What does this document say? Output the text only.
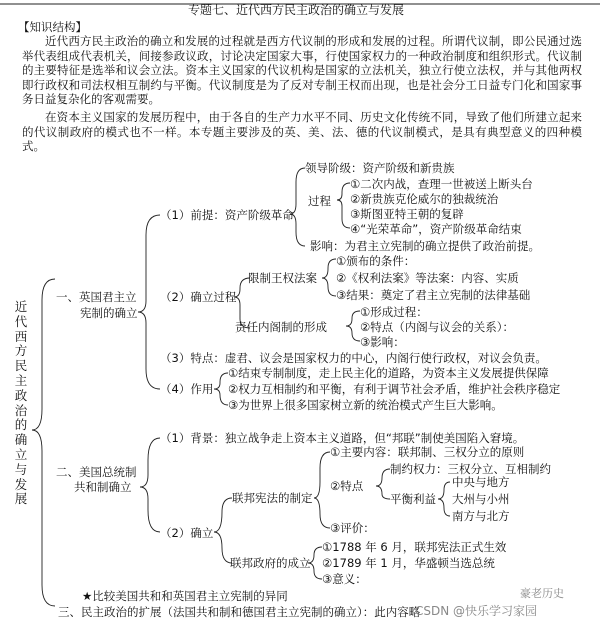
专题七、近代西方民主政治的确立与发展
【知识结构】
近代西方民主政治的确立和发展的过程就是西方代议制的形成和发展的过程。所谓代议制，即公民通过选举代表组成代表机关，间接参政议政，讨论决定国家大事，行使国家权力的一种政治制度和组织形式。代议制的主要特征是选举和议会立法。资本主义国家的代议机构是国家的立法机关，独立行使立法权，并与其他两权即行政权和司法权相互制约与平衡。代议制度是为了反对专制王权而出现，也是社会分工日益专门化和国家事务日益复杂化的客观需要。
在资本主义国家的发展历程中，由于各自的生产力水平不同、历史文化传统不同，导致了他们所建立起来的代议制政府的模式也不一样。本专题主要涉及的英、美、法、德的代议制模式，是具有典型意义的四种模式。
近代西方民主政治的确立与发展
一、英国君主立
宪制的确立
（1）前提：资产阶级革命
领导阶级：资产阶级和新贵族
过程
①二次内战，查理一世被送上断头台
②新贵族克伦威尔的独裁统治
③斯图亚特王朝的复辟
④“光荣革命”，资产阶级革命结束
影响：为君主立宪制的确立提供了政治前提。
（2）确立过程
限制王权法案
①颁布的条件：
②《权利法案》等法案：内容、实质
③结果：奠定了君主立宪制的法律基础
责任内阁制的形成
①形成过程：
②特点（内阁与议会的关系）：
③影响：
（3）特点：虚君、议会是国家权力的中心，内阁行使行政权，对议会负责。
（4）作用
①结束专制制度，走上民主化的道路，为资本主义发展提供保障
②权力互相制约和平衡，有利于调节社会矛盾，维护社会秩序稳定
③为世界上很多国家树立新的统治模式产生巨大影响。
二、美国总统制
共和制确立
（1）背景：独立战争走上资本主义道路，但“邦联”制使美国陷入窘境。
（2）确立
联邦宪法的制定
①主要内容：联邦制、三权分立的原则
②特点
制约权力：三权分立、互相制约
平衡利益
中央与地方
大州与小州
南方与北方
③评价：
联邦政府的成立
①1788 年 6 月，联邦宪法正式生效
②1789 年 1 月，华盛顿当选总统
③意义：
★比较美国共和和英国君主立宪制的异同
三、民主政治的扩展（法国共和制和德国君主立宪制的确立）：此内容略
豪老历史
CSDN @快乐学习家园
